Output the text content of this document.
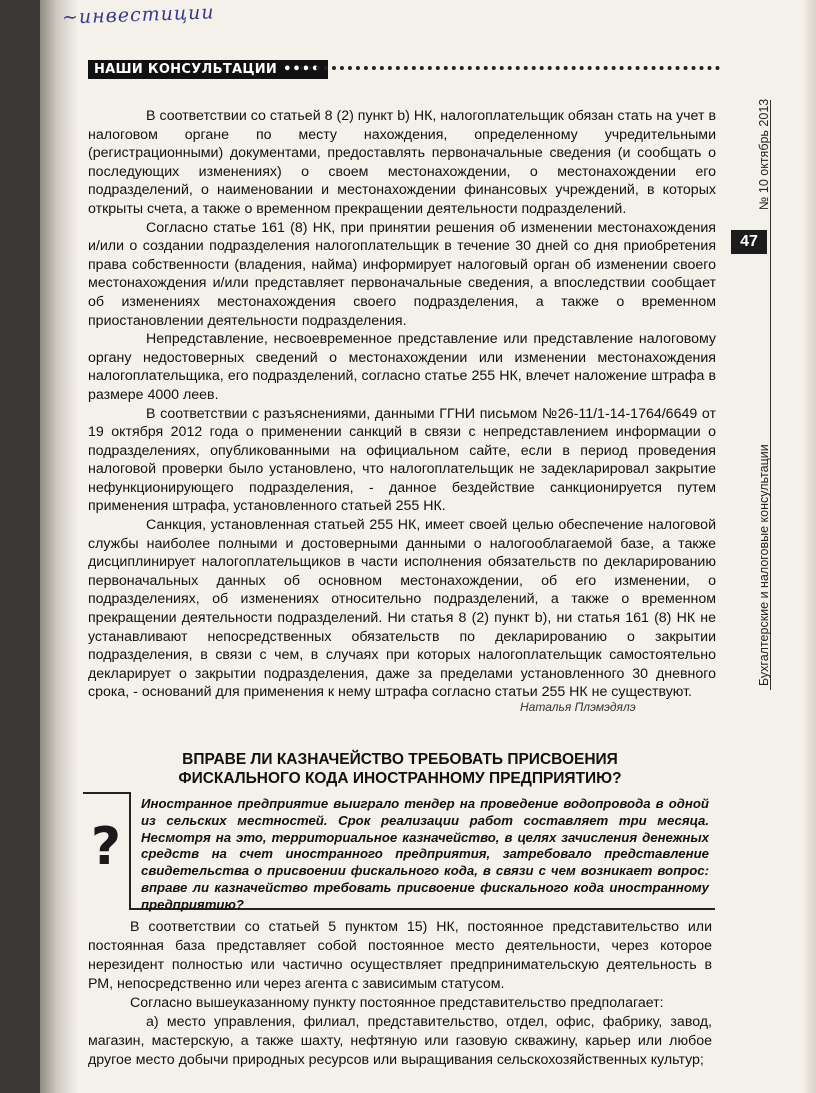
~инвестиции
НАШИ КОНСУЛЬТАЦИИ ••••
47
Бухгалтерские и налоговые консультации
№ 10 октябрь 2013

В соответствии со статьей 8 (2) пункт b) НК, налогоплательщик обязан стать на учет в налоговом органе по месту нахождения, определенному учредительными (регистрационными) документами, предоставлять первоначальные сведения (и сообщать о последующих изменениях) о своем местонахождении, о местонахождении его подразделений, о наименовании и местонахождении финансовых учреждений, в которых открыты счета, а также о временном прекращении деятельности подразделений.

Согласно статье 161 (8) НК, при принятии решения об изменении местонахождения и/или о создании подразделения налогоплательщик в течение 30 дней со дня приобретения права собственности (владения, найма) информирует налоговый орган об изменении своего местонахождения и/или представляет первоначальные сведения, а впоследствии сообщает об изменениях местонахождения своего подразделения, а также о временном приостановлении деятельности подразделения.

Непредставление, несвоевременное представление или представление налоговому органу недостоверных сведений о местонахождении или изменении местонахождения налогоплательщика, его подразделений, согласно статье 255 НК, влечет наложение штрафа в размере 4000 леев.

В соответствии с разъяснениями, данными ГГНИ письмом №26-11/1-14-1764/6649 от 19 октября 2012 года о применении санкций в связи с непредставлением информации о подразделениях, опубликованными на официальном сайте, если в период проведения налоговой проверки было установлено, что налогоплательщик не задекларировал закрытие нефункционирующего подразделения, - данное бездействие санкционируется путем применения штрафа, установленного статьей 255 НК.

Санкция, установленная статьей 255 НК, имеет своей целью обеспечение налоговой службы наиболее полными и достоверными данными о налогооблагаемой базе, а также дисциплинирует налогоплательщиков в части исполнения обязательств по декларированию первоначальных данных об основном местонахождении, об его изменении, о подразделениях, об изменениях относительно подразделений, а также о временном прекращении деятельности подразделений. Ни статья 8 (2) пункт b), ни статья 161 (8) НК не устанавливают непосредственных обязательств по декларированию о закрытии подразделения, в связи с чем, в случаях при которых налогоплательщик самостоятельно декларирует о закрытии подразделения, даже за пределами установленного 30 дневного срока, - оснований для применения к нему штрафа согласно статьи 255 НК не существуют.

Наталья Плэмэдялэ
ВПРАВЕ ЛИ КАЗНАЧЕЙСТВО ТРЕБОВАТЬ ПРИСВОЕНИЯ ФИСКАЛЬНОГО КОДА ИНОСТРАННОМУ ПРЕДПРИЯТИЮ?
?
Иностранное предприятие выиграло тендер на проведение водопровода в одной из сельских местностей. Срок реализации работ составляет три месяца. Несмотря на это, территориальное казначейство, в целях зачисления денежных средств на счет иностранного предприятия, затребовало представление свидетельства о присвоении фискального кода, в связи с чем возникает вопрос: вправе ли казначейство требовать присвоение фискального кода иностранному предприятию?

В соответствии со статьей 5 пунктом 15) НК, постоянное представительство или постоянная база представляет собой постоянное место деятельности, через которое нерезидент полностью или частично осуществляет предпринимательскую деятельность в РМ, непосредственно или через агента с зависимым статусом.

Согласно вышеуказанному пункту постоянное представительство предполагает:

а) место управления, филиал, представительство, отдел, офис, фабрику, завод, магазин, мастерскую, а также шахту, нефтяную или газовую скважину, карьер или любое другое место добычи природных ресурсов или выращивания сельскохозяйственных культур;
